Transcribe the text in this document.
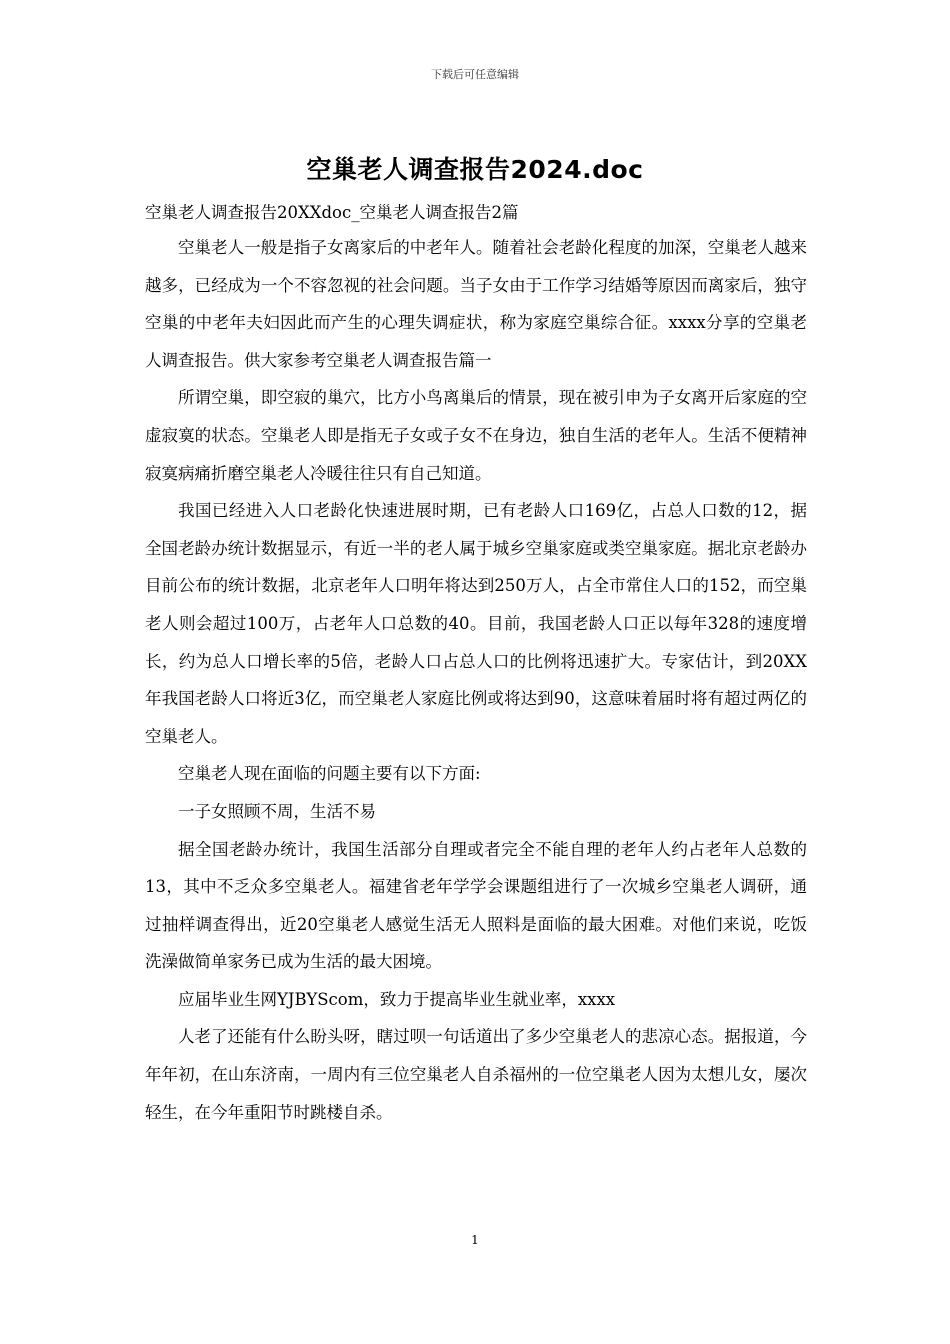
下载后可任意编辑
空巢老人调查报告2024.doc
空巢老人调查报告20XXdoc_空巢老人调查报告2篇

空巢老人一般是指子女离家后的中老年人。随着社会老龄化程度的加深，空巢老人越来越多，已经成为一个不容忽视的社会问题。当子女由于工作学习结婚等原因而离家后，独守空巢的中老年夫妇因此而产生的心理失调症状，称为家庭空巢综合征。xxxx分享的空巢老人调查报告。供大家参考空巢老人调查报告篇一

所谓空巢，即空寂的巢穴，比方小鸟离巢后的情景，现在被引申为子女离开后家庭的空虚寂寞的状态。空巢老人即是指无子女或子女不在身边，独自生活的老年人。生活不便精神寂寞病痛折磨空巢老人冷暖往往只有自己知道。

我国已经进入人口老龄化快速进展时期，已有老龄人口169亿，占总人口数的12，据全国老龄办统计数据显示，有近一半的老人属于城乡空巢家庭或类空巢家庭。据北京老龄办目前公布的统计数据，北京老年人口明年将达到250万人，占全市常住人口的152，而空巢老人则会超过100万，占老年人口总数的40。目前，我国老龄人口正以每年328的速度增长，约为总人口增长率的5倍，老龄人口占总人口的比例将迅速扩大。专家估计，到20XX年我国老龄人口将近3亿，而空巢老人家庭比例或将达到90，这意味着届时将有超过两亿的空巢老人。

空巢老人现在面临的问题主要有以下方面:

一子女照顾不周，生活不易

据全国老龄办统计，我国生活部分自理或者完全不能自理的老年人约占老年人总数的13，其中不乏众多空巢老人。福建省老年学学会课题组进行了一次城乡空巢老人调研，通过抽样调查得出，近20空巢老人感觉生活无人照料是面临的最大困难。对他们来说，吃饭洗澡做简单家务已成为生活的最大困境。

应届毕业生网YJBYScom，致力于提高毕业生就业率，xxxx

人老了还能有什么盼头呀，瞎过呗一句话道出了多少空巢老人的悲凉心态。据报道，今年年初，在山东济南，一周内有三位空巢老人自杀福州的一位空巢老人因为太想儿女，屡次轻生，在今年重阳节时跳楼自杀。

1
